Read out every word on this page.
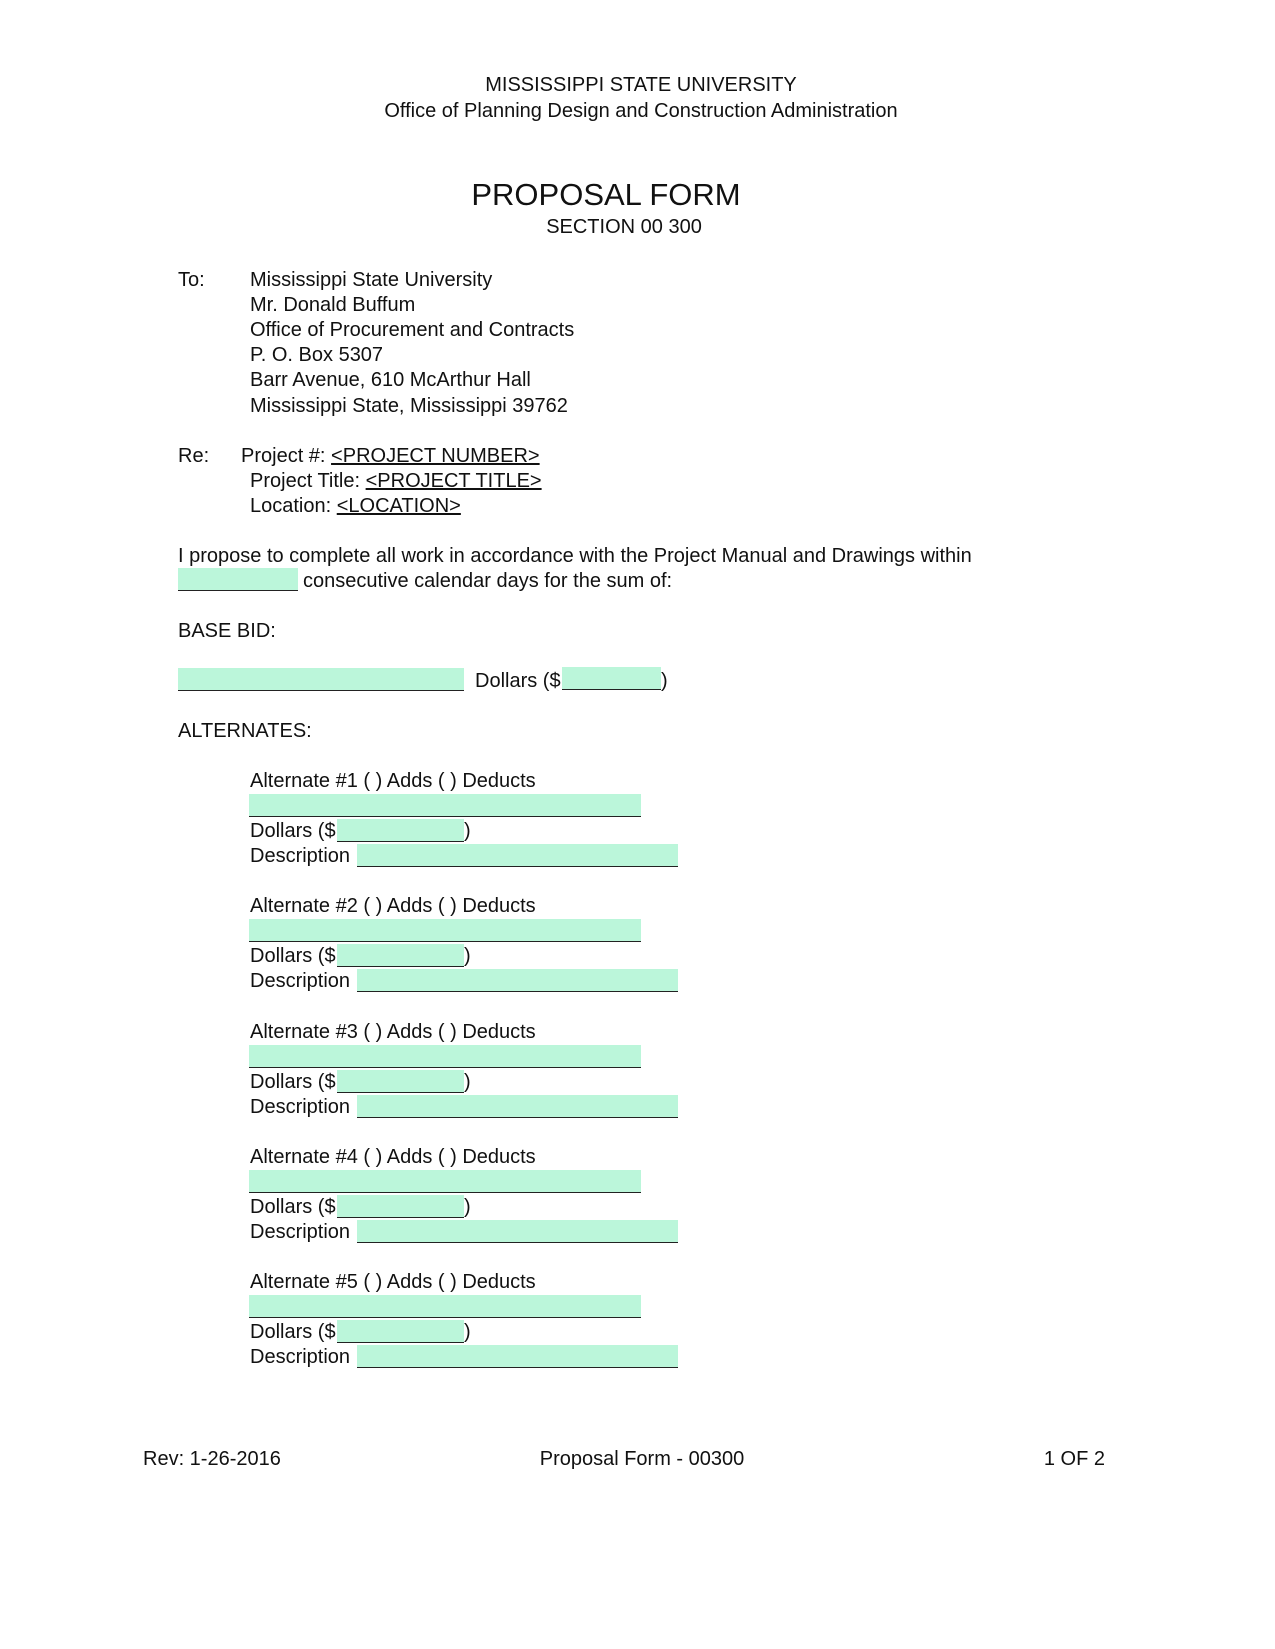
MISSISSIPPI STATE UNIVERSITY
Office of Planning Design and Construction Administration
PROPOSAL FORM
SECTION 00 300
To: Mississippi State University
Mr. Donald Buffum
Office of Procurement and Contracts
P. O. Box 5307
Barr Avenue, 610 McArthur Hall
Mississippi State, Mississippi 39762
Re: Project #: <PROJECT NUMBER>
Project Title: <PROJECT TITLE>
Location: <LOCATION>
I propose to complete all work in accordance with the Project Manual and Drawings within
consecutive calendar days for the sum of:
BASE BID:
Dollars ($	)
ALTERNATES:
Alternate #1 ( ) Adds ( ) Deducts
Dollars ($	)
Description
Alternate #2 ( ) Adds ( ) Deducts
Dollars ($	)
Description
Alternate #3 ( ) Adds ( ) Deducts
Dollars ($	)
Description
Alternate #4 ( ) Adds ( ) Deducts
Dollars ($	)
Description
Alternate #5 ( ) Adds ( ) Deducts
Dollars ($	)
Description
Rev: 1-26-2016	Proposal Form - 00300	1 OF 2
